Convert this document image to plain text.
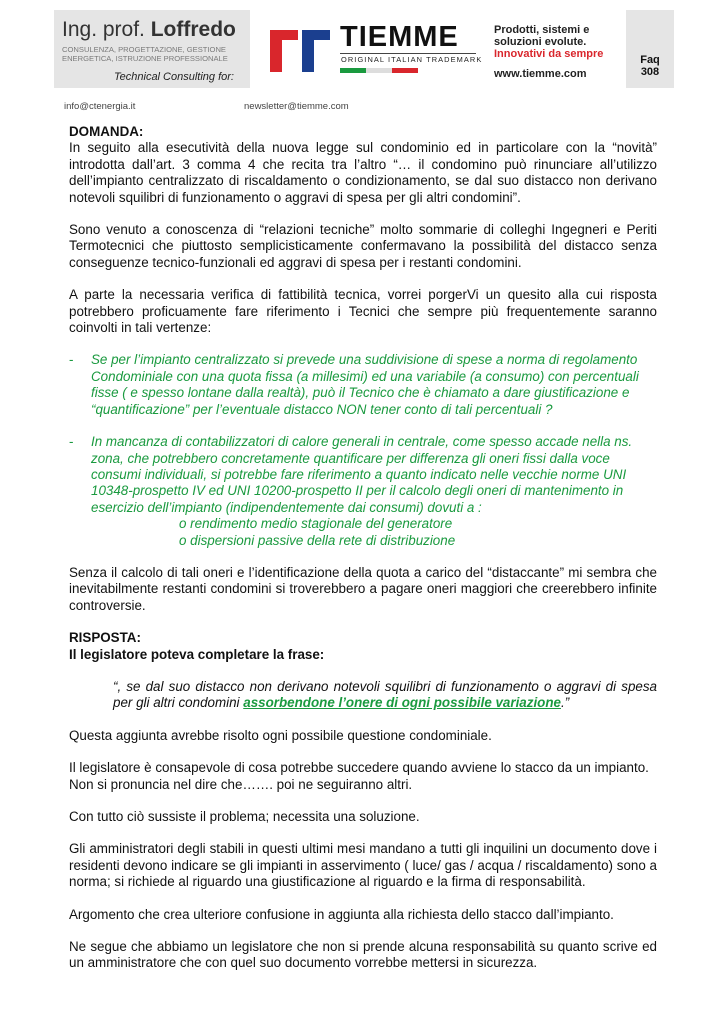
Ing. prof. Loffredo
CONSULENZA, PROGETTAZIONE, GESTIONE
ENERGETICA, ISTRUZIONE PROFESSIONALE
Technical Consulting for:
TIEMME
ORIGINAL ITALIAN TRADEMARK
Prodotti, sistemi e
soluzioni evolute.
Innovativi da sempre
www.tiemme.com
Faq
308
info@ctenergia.it	newsletter@tiemme.com

DOMANDA:

In seguito alla esecutività della nuova legge sul condominio ed in particolare con la “novità” introdotta dall’art. 3 comma 4 che recita tra l’altro “… il condomino può rinunciare all’utilizzo dell’impianto centralizzato di riscaldamento o condizionamento, se dal suo distacco non derivano notevoli squilibri di funzionamento o aggravi di spesa per gli altri condomini”.

Sono venuto a conoscenza di “relazioni tecniche” molto sommarie di colleghi Ingegneri e Periti Termotecnici che piuttosto semplicisticamente confermavano la possibilità del distacco senza conseguenze tecnico-funzionali ed aggravi di spesa per i restanti condomini.

A parte la necessaria verifica di fattibilità tecnica, vorrei porgerVi un quesito alla cui risposta potrebbero proficuamente fare riferimento i Tecnici che sempre più frequentemente saranno coinvolti in tali vertenze:

- Se per l’impianto centralizzato si prevede una suddivisione di spese a norma di regolamento Condominiale con una quota fissa (a millesimi) ed una variabile (a consumo) con percentuali fisse ( e spesso lontane dalla realtà), può il Tecnico che è chiamato a dare giustificazione e “quantificazione” per l’eventuale distacco NON tener conto di tali percentuali ?

- In mancanza di contabilizzatori di calore generali in centrale, come spesso accade nella ns. zona, che potrebbero concretamente quantificare per differenza gli oneri fissi dalla voce consumi individuali, si potrebbe fare riferimento a quanto indicato nelle vecchie norme UNI 10348-prospetto IV ed UNI 10200-prospetto II per il calcolo degli oneri di mantenimento in esercizio dell’impianto (indipendentemente dai consumi) dovuti a :

o rendimento medio stagionale del generatore

o dispersioni passive della rete di distribuzione

Senza il calcolo di tali oneri e l’identificazione della quota a carico del “distaccante” mi sembra che inevitabilmente restanti condomini si troverebbero a pagare oneri maggiori che creerebbero infinite controversie.

RISPOSTA:

Il legislatore poteva completare la frase:

“, se dal suo distacco non derivano notevoli squilibri di funzionamento o aggravi di spesa per gli altri condomini assorbendone l’onere di ogni possibile variazione.”

Questa aggiunta avrebbe risolto ogni possibile questione condominiale.

Il legislatore è consapevole di cosa potrebbe succedere quando avviene lo stacco da un impianto.

Non si pronuncia nel dire che……. poi ne seguiranno altri.

Con tutto ciò sussiste il problema; necessita una soluzione.

Gli amministratori degli stabili in questi ultimi mesi mandano a tutti gli inquilini un documento dove i residenti devono indicare se gli impianti in asservimento ( luce/ gas / acqua / riscaldamento) sono a norma; si richiede al riguardo una giustificazione al riguardo e la firma di responsabilità.

Argomento che crea ulteriore confusione in aggiunta alla richiesta dello stacco dall’impianto.

Ne segue che abbiamo un legislatore che non si prende alcuna responsabilità su quanto scrive ed un amministratore che con quel suo documento vorrebbe mettersi in sicurezza.
